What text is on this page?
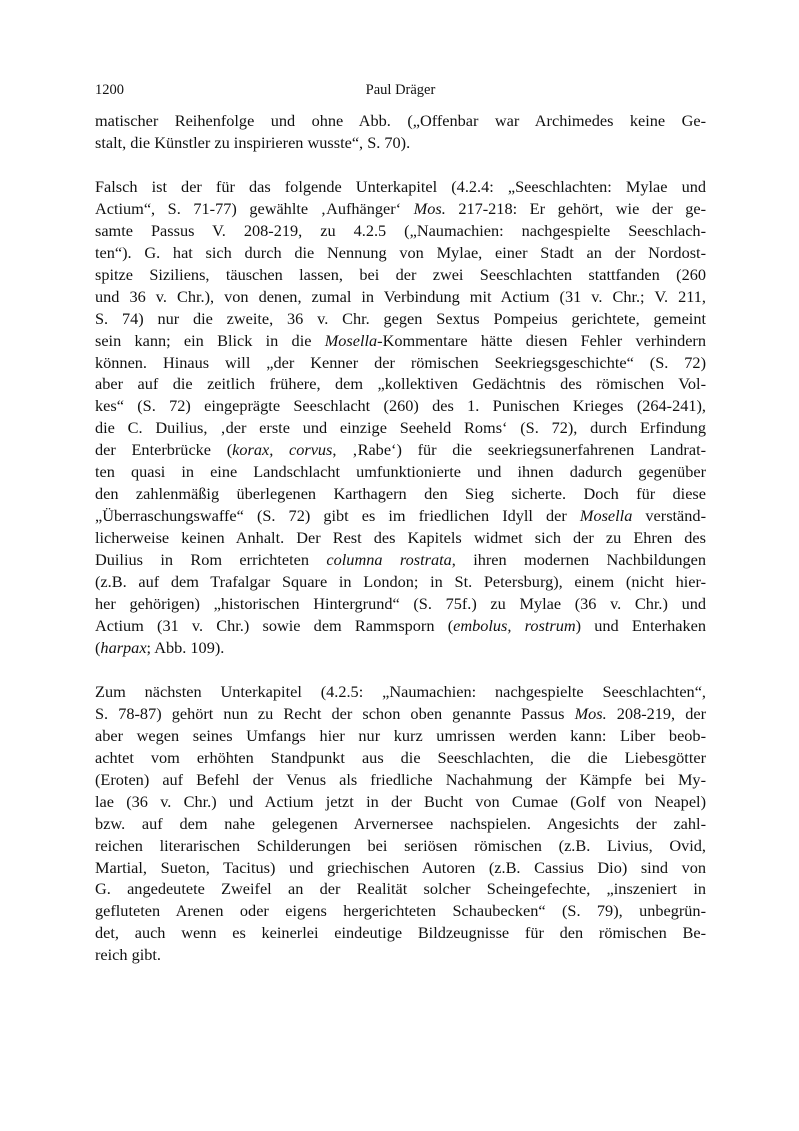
1200	Paul Dräger

matischer Reihenfolge und ohne Abb. („Offenbar war Archimedes keine Ge-
stalt, die Künstler zu inspirieren wusste“, S. 70).

Falsch ist der für das folgende Unterkapitel (4.2.4: „Seeschlachten: Mylae und
Actium“, S. 71-77) gewählte ‚Aufhänger‘ Mos. 217-218: Er gehört, wie der ge-
samte Passus V. 208-219, zu 4.2.5 („Naumachien: nachgespielte Seeschlach-
ten“). G. hat sich durch die Nennung von Mylae, einer Stadt an der Nordost-
spitze Siziliens, täuschen lassen, bei der zwei Seeschlachten stattfanden (260
und 36 v. Chr.), von denen, zumal in Verbindung mit Actium (31 v. Chr.; V. 211,
S. 74) nur die zweite, 36 v. Chr. gegen Sextus Pompeius gerichtete, gemeint
sein kann; ein Blick in die Mosella-Kommentare hätte diesen Fehler verhindern
können. Hinaus will „der Kenner der römischen Seekriegsgeschichte“ (S. 72)
aber auf die zeitlich frühere, dem „kollektiven Gedächtnis des römischen Vol-
kes“ (S. 72) eingeprägte Seeschlacht (260) des 1. Punischen Krieges (264-241),
die C. Duilius, ‚der erste und einzige Seeheld Roms‘ (S. 72), durch Erfindung
der Enterbrücke (korax, corvus, ‚Rabe‘) für die seekriegsunerfahrenen Landrat-
ten quasi in eine Landschlacht umfunktionierte und ihnen dadurch gegenüber
den zahlenmäßig überlegenen Karthagern den Sieg sicherte. Doch für diese
„Überraschungswaffe“ (S. 72) gibt es im friedlichen Idyll der Mosella verständ-
licherweise keinen Anhalt. Der Rest des Kapitels widmet sich der zu Ehren des
Duilius in Rom errichteten columna rostrata, ihren modernen Nachbildungen
(z.B. auf dem Trafalgar Square in London; in St. Petersburg), einem (nicht hier-
her gehörigen) „historischen Hintergrund“ (S. 75f.) zu Mylae (36 v. Chr.) und
Actium (31 v. Chr.) sowie dem Rammsporn (embolus, rostrum) und Enterhaken
(harpax; Abb. 109).

Zum nächsten Unterkapitel (4.2.5: „Naumachien: nachgespielte Seeschlachten“,
S. 78-87) gehört nun zu Recht der schon oben genannte Passus Mos. 208-219, der
aber wegen seines Umfangs hier nur kurz umrissen werden kann: Liber beob-
achtet vom erhöhten Standpunkt aus die Seeschlachten, die die Liebesgötter
(Eroten) auf Befehl der Venus als friedliche Nachahmung der Kämpfe bei My-
lae (36 v. Chr.) und Actium jetzt in der Bucht von Cumae (Golf von Neapel)
bzw. auf dem nahe gelegenen Arvernersee nachspielen. Angesichts der zahl-
reichen literarischen Schilderungen bei seriösen römischen (z.B. Livius, Ovid,
Martial, Sueton, Tacitus) und griechischen Autoren (z.B. Cassius Dio) sind von
G. angedeutete Zweifel an der Realität solcher Scheingefechte, „inszeniert in
gefluteten Arenen oder eigens hergerichteten Schaubecken“ (S. 79), unbegrün-
det, auch wenn es keinerlei eindeutige Bildzeugnisse für den römischen Be-
reich gibt.
